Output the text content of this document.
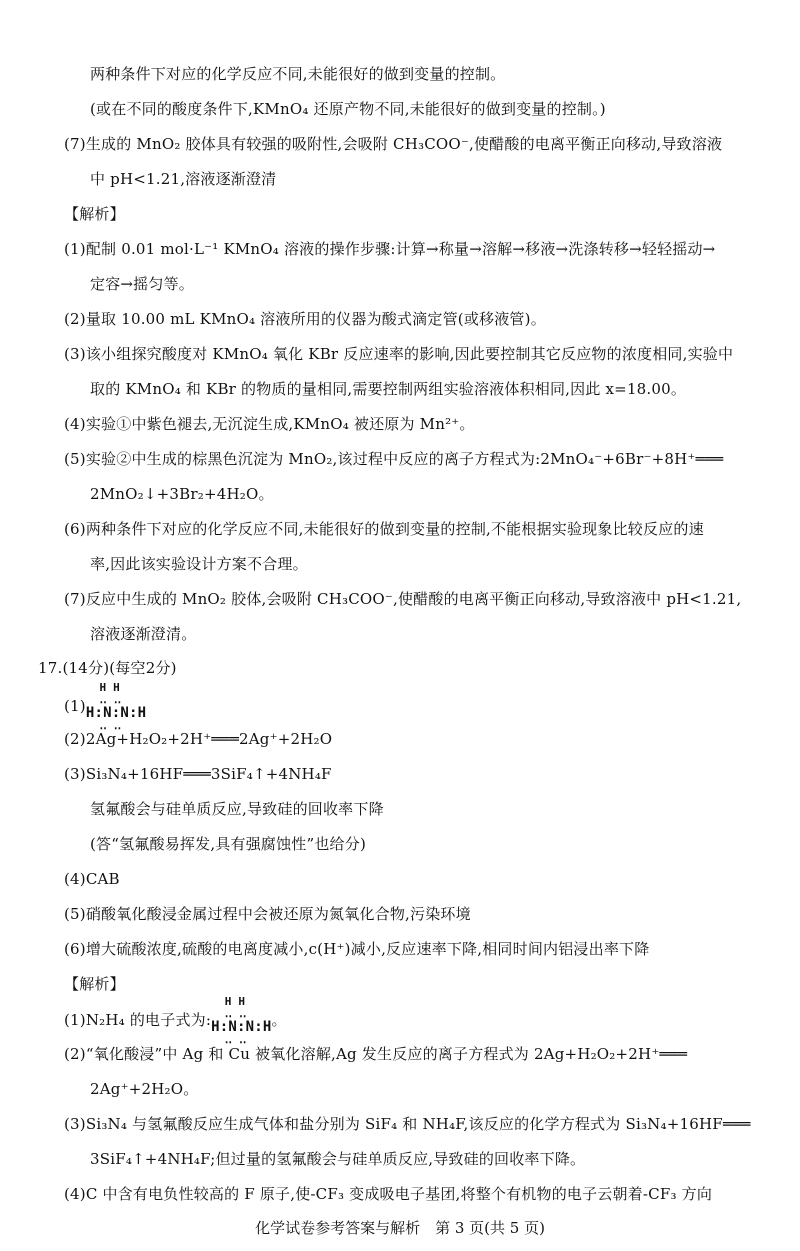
两种条件下对应的化学反应不同,未能很好的做到变量的控制。
(或在不同的酸度条件下,KMnO₄ 还原产物不同,未能很好的做到变量的控制。)
(7)生成的 MnO₂ 胶体具有较强的吸附性,会吸附 CH₃COO⁻,使醋酸的电离平衡正向移动,导致溶液
中 pH<1.21,溶液逐渐澄清
【解析】
(1)配制 0.01 mol·L⁻¹ KMnO₄ 溶液的操作步骤:计算→称量→溶解→移液→洗涤转移→轻轻摇动→
定容→摇匀等。
(2)量取 10.00 mL KMnO₄ 溶液所用的仪器为酸式滴定管(或移液管)。
(3)该小组探究酸度对 KMnO₄ 氧化 KBr 反应速率的影响,因此要控制其它反应物的浓度相同,实验中
取的 KMnO₄ 和 KBr 的物质的量相同,需要控制两组实验溶液体积相同,因此 x=18.00。
(4)实验①中紫色褪去,无沉淀生成,KMnO₄ 被还原为 Mn²⁺。
(5)实验②中生成的棕黑色沉淀为 MnO₂,该过程中反应的离子方程式为:2MnO₄⁻+6Br⁻+8H⁺═══
2MnO₂↓+3Br₂+4H₂O。
(6)两种条件下对应的化学反应不同,未能很好的做到变量的控制,不能根据实验现象比较反应的速
率,因此该实验设计方案不合理。
(7)反应中生成的 MnO₂ 胶体,会吸附 CH₃COO⁻,使醋酸的电离平衡正向移动,导致溶液中 pH<1.21,
溶液逐渐澄清。
17.(14分)(每空2分)
(2)2Ag+H₂O₂+2H⁺═══2Ag⁺+2H₂O
(3)Si₃N₄+16HF═══3SiF₄↑+4NH₄F
氢氟酸会与硅单质反应,导致硅的回收率下降
(答“氢氟酸易挥发,具有强腐蚀性”也给分)
(4)CAB
(5)硝酸氧化酸浸金属过程中会被还原为氮氧化合物,污染环境
(6)增大硫酸浓度,硫酸的电离度减小,c(H⁺)减小,反应速率下降,相同时间内铝浸出率下降
【解析】
(2)“氧化酸浸”中 Ag 和 Cu 被氧化溶解,Ag 发生反应的离子方程式为 2Ag+H₂O₂+2H⁺═══
2Ag⁺+2H₂O。
(3)Si₃N₄ 与氢氟酸反应生成气体和盐分别为 SiF₄ 和 NH₄F,该反应的化学方程式为 Si₃N₄+16HF═══
3SiF₄↑+4NH₄F;但过量的氢氟酸会与硅单质反应,导致硅的回收率下降。
(4)C 中含有电负性较高的 F 原子,使-CF₃ 变成吸电子基团,将整个有机物的电子云朝着-CF₃ 方向
(1)
H H
‥ ‥
H:N:N:H
‥ ‥
(1)N₂H₄ 的电子式为:
H H
‥ ‥
H:N:N:H
‥ ‥
。
化学试卷参考答案与解析　第 3 页(共 5 页)
